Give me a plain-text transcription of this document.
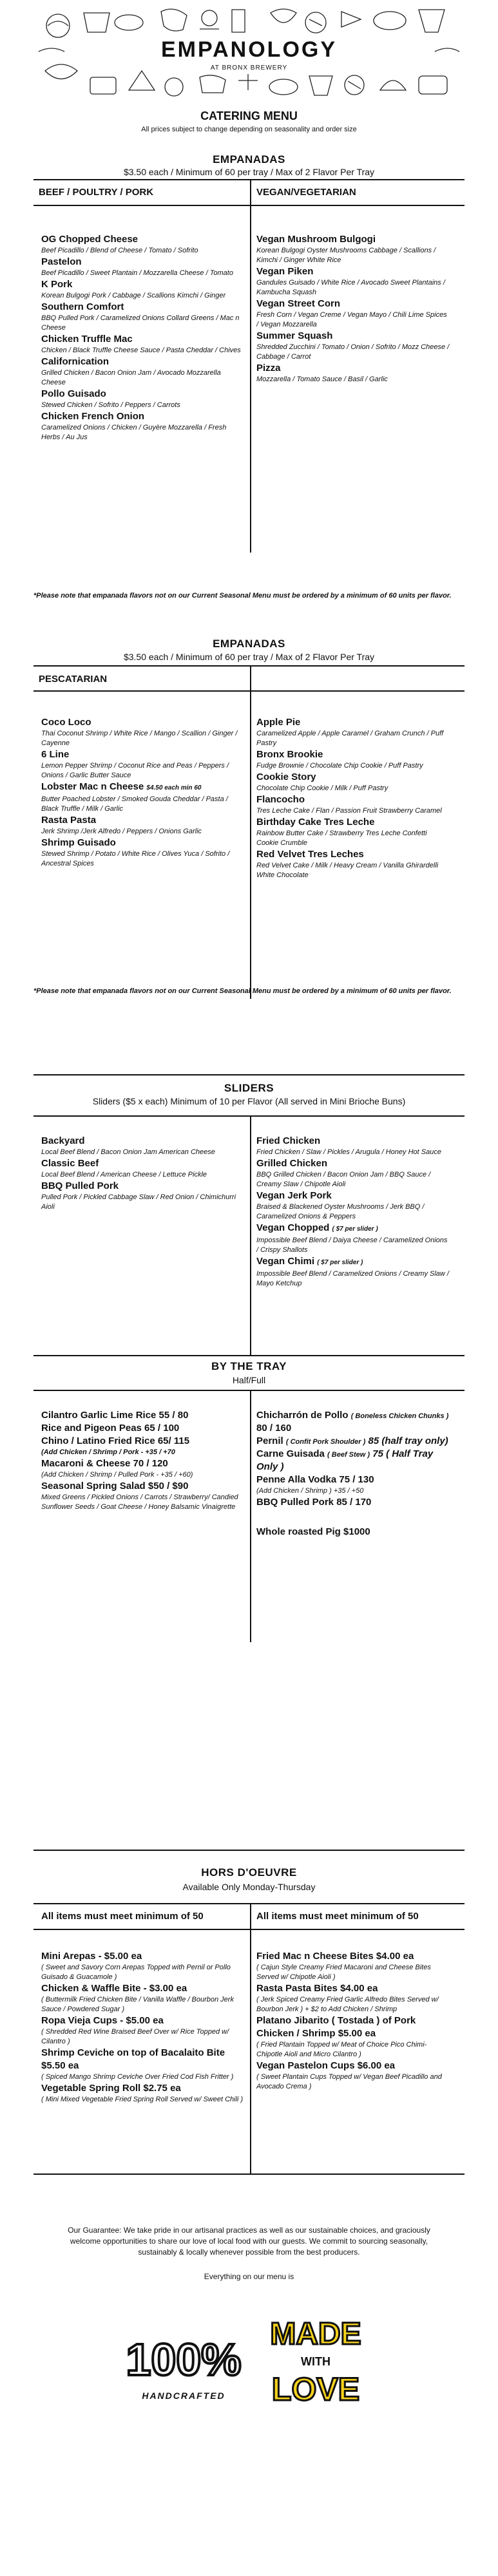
EMPANOLOGY
AT BRONX BREWERY
CATERING MENU
All prices subject to change depending on seasonality and order size
EMPANADAS
$3.50 each / Minimum of 60 per tray / Max of 2 Flavor Per Tray
BEEF / POULTRY / PORK	VEGAN/VEGETARIAN
OG Chopped Cheese
Beef Picadillo / Blend of Cheese / Tomato / Sofrito
Pastelon
Beef Picadillo / Sweet Plantain / Mozzarella Cheese / Tomato
K Pork
Korean Bulgogi Pork / Cabbage / Scallions Kimchi / Ginger
Southern Comfort
BBQ Pulled Pork / Caramelized Onions Collard Greens / Mac n Cheese
Chicken Truffle Mac
Chicken / Black Truffle Cheese Sauce / Pasta Cheddar / Chives
Californication
Grilled Chicken / Bacon Onion Jam / Avocado Mozzarella Cheese
Pollo Guisado
Stewed Chicken / Sofrito / Peppers / Carrots
Chicken French Onion
Caramelized Onions / Chicken / Guyère Mozzarella / Fresh Herbs / Au Jus
Vegan Mushroom Bulgogi
Korean Bulgogi Oyster Mushrooms Cabbage / Scallions / Kimchi / Ginger White Rice
Vegan Piken
Gandules Guisado / White Rice / Avocado Sweet Plantains / Kambucha Squash
Vegan Street Corn
Fresh Corn / Vegan Creme / Vegan Mayo / Chili Lime Spices / Vegan Mozzarella
Summer Squash
Shredded Zucchini / Tomato / Onion / Sofrito / Mozz Cheese / Cabbage / Carrot
Pizza
Mozzarella / Tomato Sauce / Basil / Garlic
*Please note that empanada flavors not on our Current Seasonal Menu must be ordered by a minimum of 60 units per flavor.
EMPANADAS
$3.50 each / Minimum of 60 per tray / Max of 2 Flavor Per Tray
PESCATARIAN
Coco Loco
Thai Coconut Shrimp / White Rice / Mango / Scallion / Ginger / Cayenne
6 Line
Lemon Pepper Shrimp / Coconut Rice and Peas / Peppers / Onions / Garlic Butter Sauce
Lobster Mac n Cheese $4.50 each min 60
Butter Poached Lobster / Smoked Gouda Cheddar / Pasta / Black Truffle / Milk / Garlic
Rasta Pasta
Jerk Shrimp /Jerk Alfredo / Peppers / Onions Garlic
Shrimp Guisado
Stewed Shrimp / Potato / White Rice / Olives Yuca / Sofrito / Ancestral Spices
Apple Pie
Caramelized Apple / Apple Caramel / Graham Crunch / Puff Pastry
Bronx Brookie
Fudge Brownie / Chocolate Chip Cookie / Puff Pastry
Cookie Story
Chocolate Chip Cookie / Milk / Puff Pastry
Flancocho
Tres Leche Cake / Flan / Passion Fruit Strawberry Caramel
Birthday Cake Tres Leche
Rainbow Butter Cake / Strawberry Tres Leche Confetti Cookie Crumble
Red Velvet Tres Leches
Red Velvet Cake / Milk / Heavy Cream / Vanilla Ghirardelli White Chocolate
*Please note that empanada flavors not on our Current Seasonal Menu must be ordered by a minimum of 60 units per flavor.
SLIDERS
Sliders ($5 x each) Minimum of 10 per Flavor (All served in Mini Brioche Buns)
Backyard
Local Beef Blend / Bacon Onion Jam American Cheese
Classic Beef
Local Beef Blend / American Cheese / Lettuce Pickle
BBQ Pulled Pork
Pulled Pork / Pickled Cabbage Slaw / Red Onion / Chimichurri Aioli
Fried Chicken
Fried Chicken / Slaw / Pickles / Arugula / Honey Hot Sauce
Grilled Chicken
BBQ Grilled Chicken / Bacon Onion Jam / BBQ Sauce / Creamy Slaw / Chipotle Aioli
Vegan Jerk Pork
Braised & Blackened Oyster Mushrooms / Jerk BBQ / Caramelized Onions & Peppers
Vegan Chopped ( $7 per slider )
Impossible Beef Blend / Daiya Cheese / Caramelized Onions / Crispy Shallots
Vegan Chimi ( $7 per slider )
Impossible Beef Blend / Caramelized Onions / Creamy Slaw / Mayo Ketchup
BY THE TRAY
Half/Full
Cilantro Garlic Lime Rice 55 / 80
Rice and Pigeon Peas 65 / 100
Chino / Latino Fried Rice 65/ 115
(Add Chicken / Shrimp / Pork - +35 / +70
Macaroni & Cheese 70 / 120
(Add Chicken / Shrimp / Pulled Pork - +35 / +60)
Seasonal Spring Salad $50 / $90
Mixed Greens / Pickled Onions / Carrots / Strawberry/ Candied Sunflower Seeds / Goat Cheese / Honey Balsamic Vinaigrette
Chicharrón de Pollo ( Boneless Chicken Chunks ) 80 / 160
Pernil ( Confit Pork Shoulder ) 85 (half tray only)
Carne Guisada ( Beef Stew ) 75 ( Half Tray Only )
Penne Alla Vodka 75 / 130
(Add Chicken / Shrimp ) +35 / +50
BBQ Pulled Pork 85 / 170
Whole roasted Pig $1000
HORS D'OEUVRE
Available Only Monday-Thursday
All items must meet minimum of 50	All items must meet minimum of 50
Mini Arepas - $5.00 ea
( Sweet and Savory Corn Arepas Topped with Pernil or Pollo Guisado & Guacamole )
Chicken & Waffle Bite - $3.00 ea
( Buttermilk Fried Chicken Bite / Vanilla Waffle / Bourbon Jerk Sauce / Powdered Sugar )
Ropa Vieja Cups - $5.00 ea
( Shredded Red Wine Braised Beef Over w/ Rice Topped w/ Cilantro )
Shrimp Ceviche on top of Bacalaito Bite $5.50 ea
( Spiced Mango Shrimp Ceviche Over Fried Cod Fish Fritter )
Vegetable Spring Roll $2.75 ea
( Mini Mixed Vegetable Fried Spring Roll Served w/ Sweet Chili )
Fried Mac n Cheese Bites $4.00 ea
( Cajun Style Creamy Fried Macaroni and Cheese Bites Served w/ Chipotle Aioli )
Rasta Pasta Bites $4.00 ea
( Jerk Spiced Creamy Fried Garlic Alfredo Bites Served w/ Bourbon Jerk ) + $2 to Add Chicken / Shrimp
Platano Jibarito ( Tostada ) of Pork Chicken / Shrimp $5.00 ea
( Fried Plantain Topped w/ Meat of Choice Pico Chimi-Chipotle Aioli and Micro Cilantro )
Vegan Pastelon Cups $6.00 ea
( Sweet Plantain Cups Topped w/ Vegan Beef Picadillo and Avocado Crema )
Our Guarantee: We take pride in our artisanal practices as well as our sustainable choices, and graciously welcome opportunities to share our love of local food with our guests. We commit to sourcing seasonally, sustainably & locally whenever possible from the best producers.
Everything on our menu is
100%
HANDCRAFTED
MADE
WITH
LOVE
